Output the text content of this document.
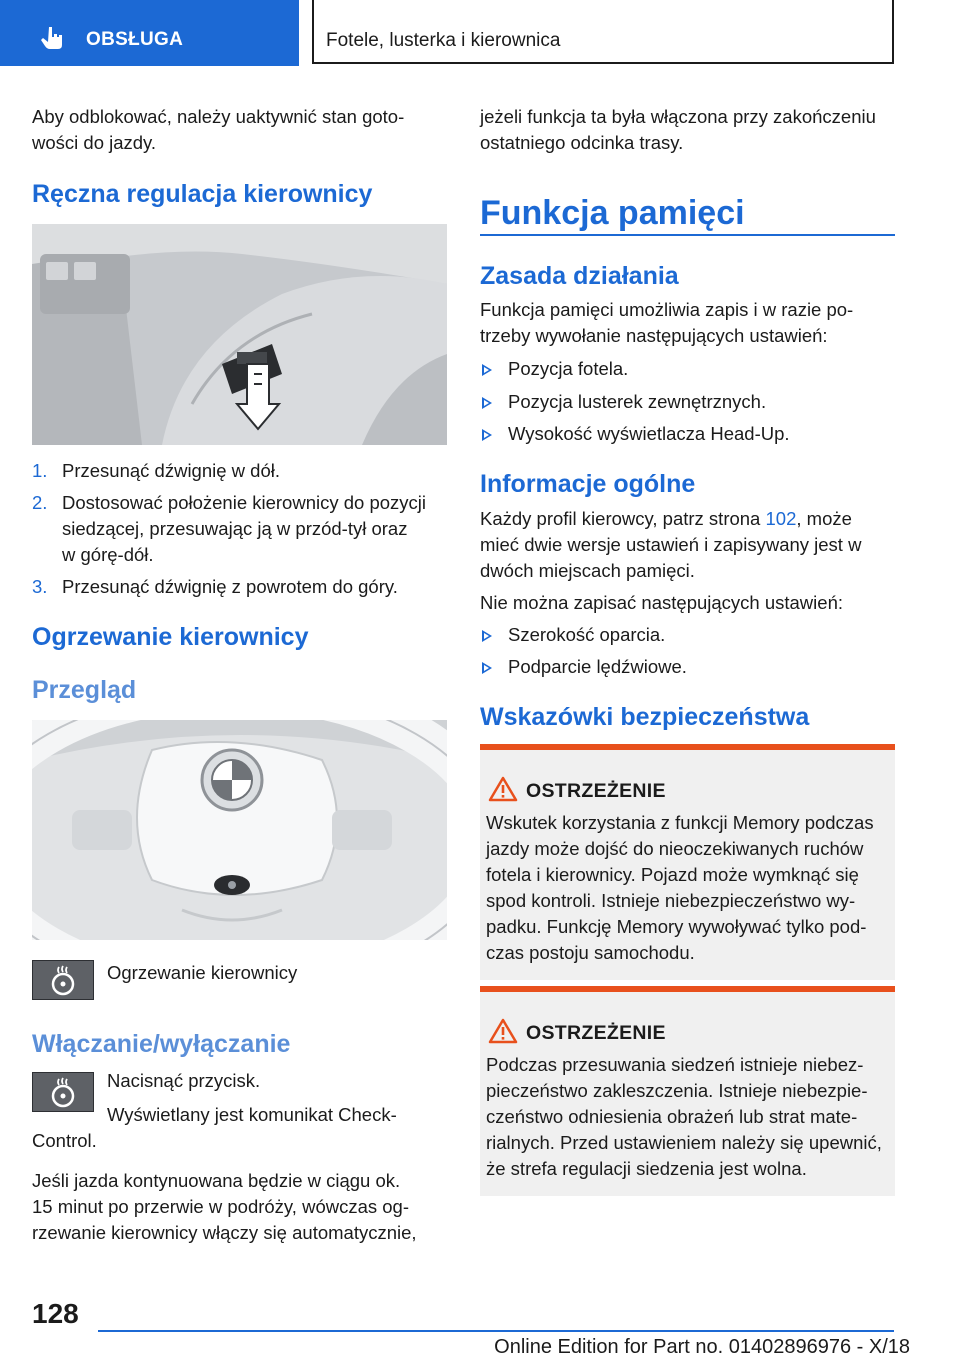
OBSŁUGA	Fotele, lusterka i kierownica

Aby odblokować, należy uaktywnić stan goto-

wości do jazdy.

Ręczna regulacja kierownicy
1. Przesunąć dźwignię w dół.
2. Dostosować położenie kierownicy do pozycji
siedzącej, przesuwając ją w przód-tył oraz
w górę-dół.
3. Przesunąć dźwignię z powrotem do góry.
Ogrzewanie kierownicy
Przegląd
Ogrzewanie kierownicy
Włączanie/wyłączanie
Nacisnąć przycisk.
Wyświetlany jest komunikat Check-
Control.
Jeśli jazda kontynuowana będzie w ciągu ok.
15 minut po przerwie w podróży, wówczas og-
rzewanie kierownicy włączy się automatycznie,
jeżeli funkcja ta była włączona przy zakończeniu
ostatniego odcinka trasy.
Funkcja pamięci
Zasada działania
Funkcja pamięci umożliwia zapis i w razie po-
trzeby wywołanie następujących ustawień:
Pozycja fotela.
Pozycja lusterek zewnętrznych.
Wysokość wyświetlacza Head-Up.
Informacje ogólne
Każdy profil kierowcy, patrz strona 102, może
mieć dwie wersje ustawień i zapisywany jest w
dwóch miejscach pamięci.
Nie można zapisać następujących ustawień:
Szerokość oparcia.
Podparcie lędźwiowe.
Wskazówki bezpieczeństwa
OSTRZEŻENIE
Wskutek korzystania z funkcji Memory podczas
jazdy może dojść do nieoczekiwanych ruchów
fotela i kierownicy. Pojazd może wymknąć się
spod kontroli. Istnieje niebezpieczeństwo wy-
padku. Funkcję Memory wywoływać tylko pod-
czas postoju samochodu.
OSTRZEŻENIE
Podczas przesuwania siedzeń istnieje niebez-
pieczeństwo zakleszczenia. Istnieje niebezpie-
czeństwo odniesienia obrażeń lub strat mate-
rialnych. Przed ustawieniem należy się upewnić,
że strefa regulacji siedzenia jest wolna.
128
Online Edition for Part no. 01402896976 - X/18
